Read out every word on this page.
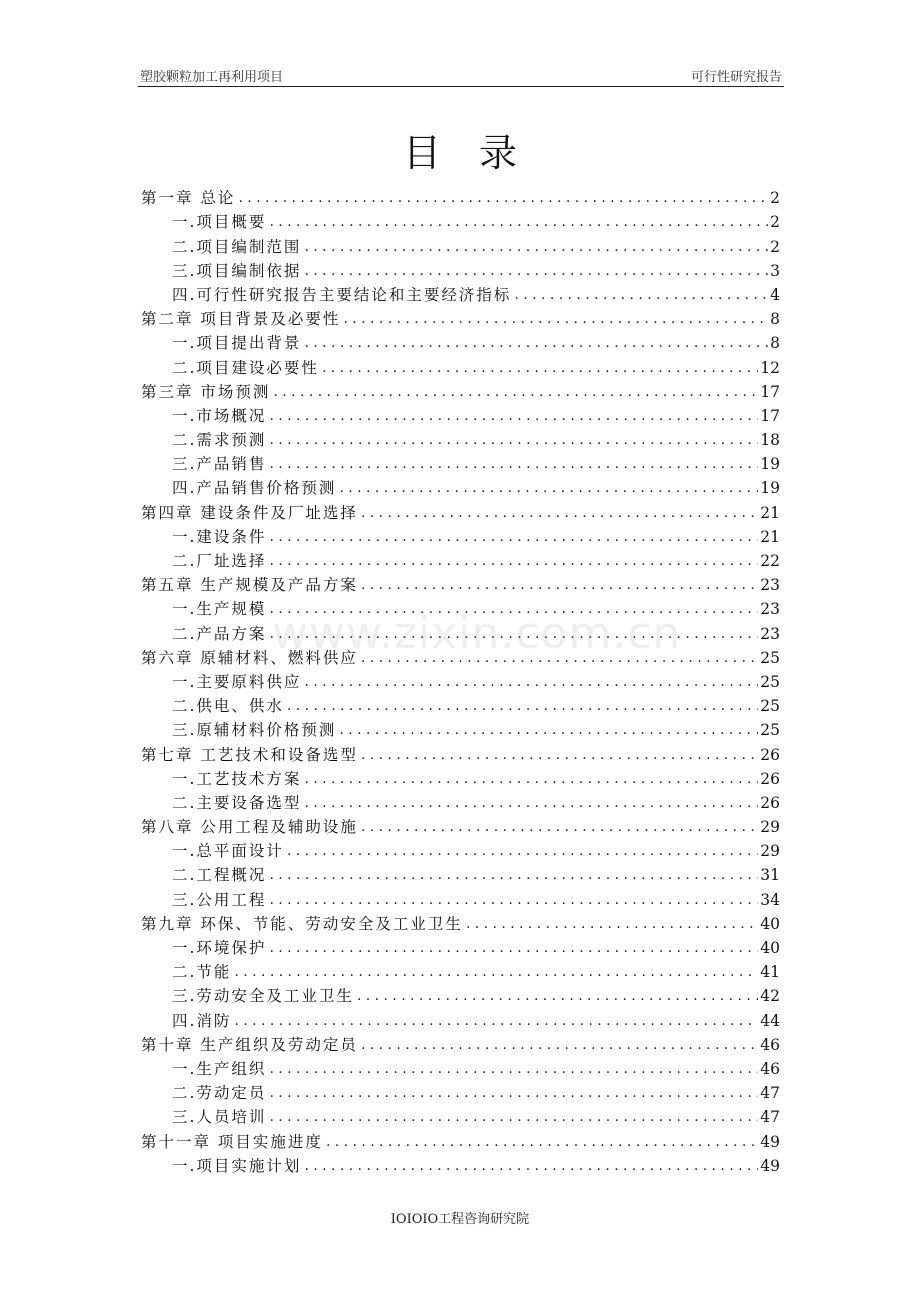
塑胶颗粒加工再利用项目	可行性研究报告
目录
第一章 总论 .....	2
一.项目概要 .....	2
二.项目编制范围 .....	2
三.项目编制依据 .....	3
四.可行性研究报告主要结论和主要经济指标 .....	4
第二章 项目背景及必要性 .....	8
一.项目提出背景 .....	8
二.项目建设必要性 .....	12
第三章 市场预测 .....	17
一.市场概况 .....	17
二.需求预测 .....	18
三.产品销售 .....	19
四.产品销售价格预测 .....	19
第四章 建设条件及厂址选择 .....	21
一.建设条件 .....	21
二.厂址选择 .....	22
第五章 生产规模及产品方案 .....	23
一.生产规模 .....	23
二.产品方案 .....	23
第六章 原辅材料、燃料供应 .....	25
一.主要原料供应 .....	25
二.供电、供水 .....	25
三.原辅材料价格预测 .....	25
第七章 工艺技术和设备选型 .....	26
一.工艺技术方案 .....	26
二.主要设备选型 .....	26
第八章 公用工程及辅助设施 .....	29
一.总平面设计 .....	29
二.工程概况 .....	31
三.公用工程 .....	34
第九章 环保、节能、劳动安全及工业卫生 .....	40
一.环境保护 .....	40
二.节能 .....	41
三.劳动安全及工业卫生 .....	42
四.消防 .....	44
第十章 生产组织及劳动定员 .....	46
一.生产组织 .....	46
二.劳动定员 .....	47
三.人员培训 .....	47
第十一章 项目实施进度 .....	49
一.项目实施计划 .....	49
www.zixin.com.cn
IOIOIO工程咨询研究院
